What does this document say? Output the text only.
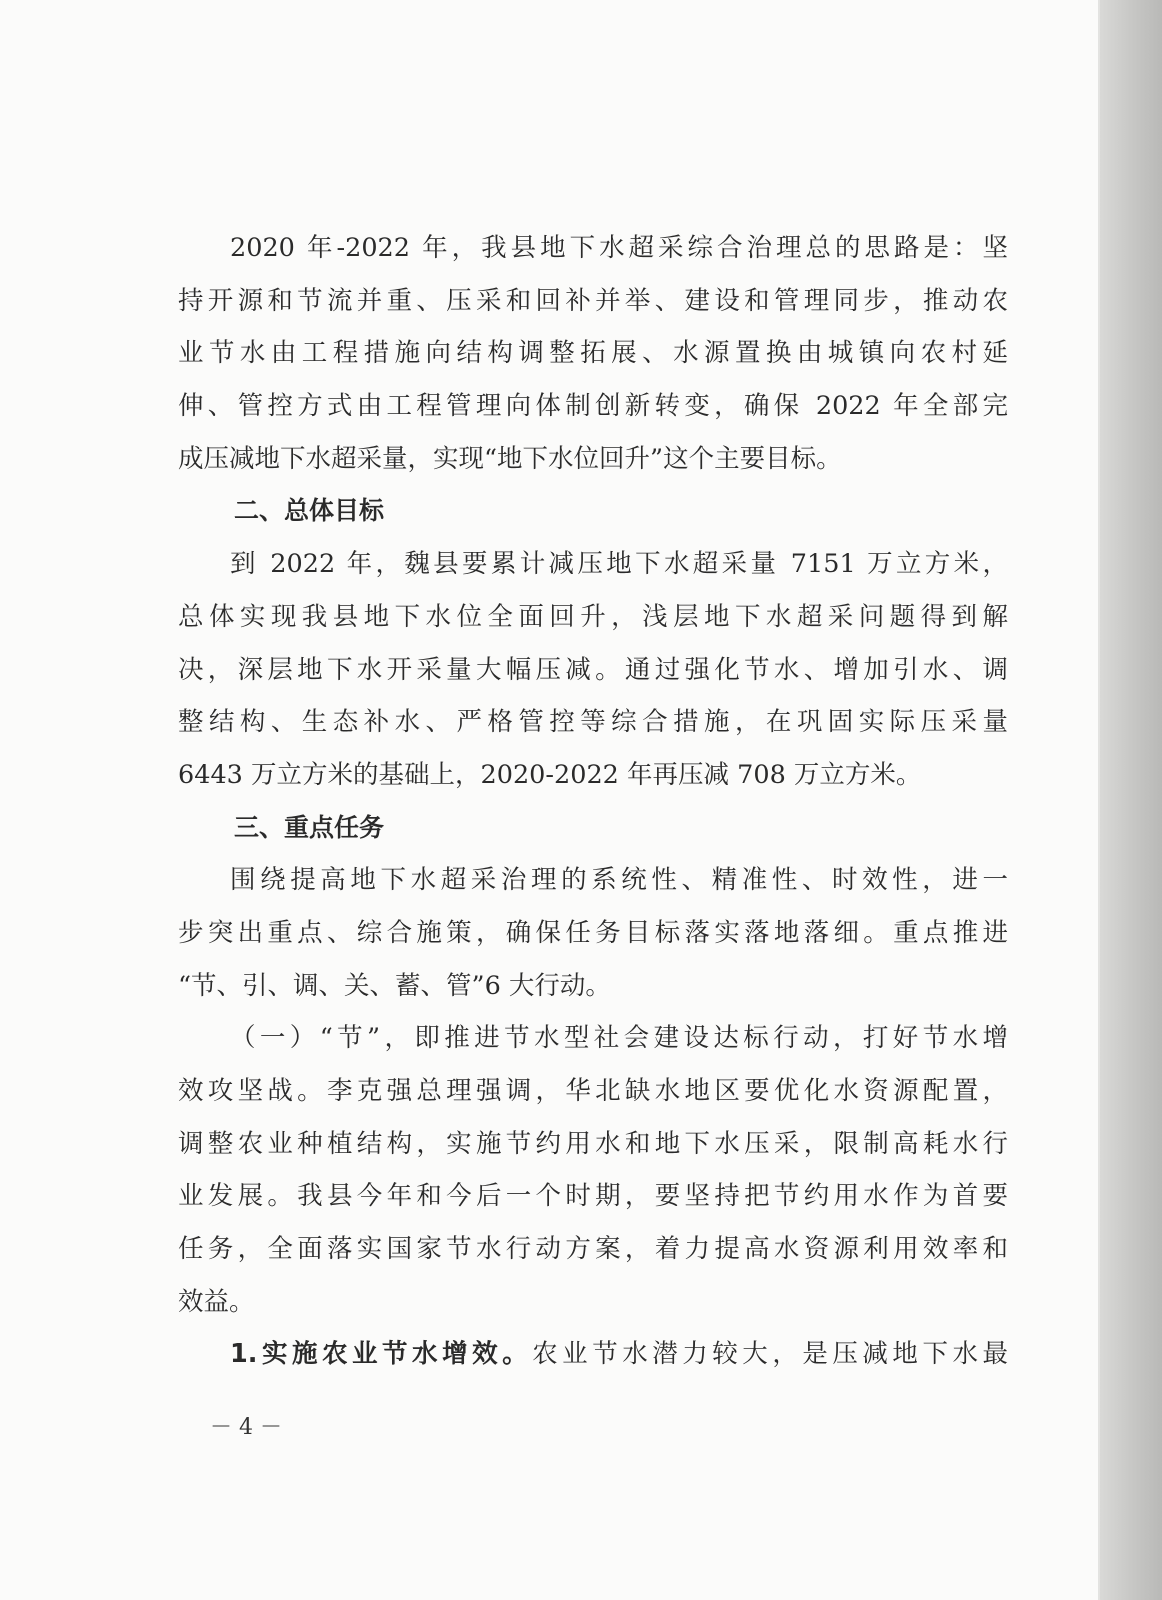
2020 年-2022 年，我县地下水超采综合治理总的思路是：坚
持开源和节流并重、压采和回补并举、建设和管理同步，推动农
业节水由工程措施向结构调整拓展、水源置换由城镇向农村延
伸、管控方式由工程管理向体制创新转变，确保 2022 年全部完
成压减地下水超采量，实现“地下水位回升”这个主要目标。
二、总体目标
到 2022 年，魏县要累计减压地下水超采量 7151 万立方米，
总体实现我县地下水位全面回升，浅层地下水超采问题得到解
决，深层地下水开采量大幅压减。通过强化节水、增加引水、调
整结构、生态补水、严格管控等综合措施，在巩固实际压采量
6443 万立方米的基础上，2020-2022 年再压减 708 万立方米。
三、重点任务
围绕提高地下水超采治理的系统性、精准性、时效性，进一
步突出重点、综合施策，确保任务目标落实落地落细。重点推进
“节、引、调、关、蓄、管”6 大行动。
（一）“节”，即推进节水型社会建设达标行动，打好节水增
效攻坚战。李克强总理强调，华北缺水地区要优化水资源配置，
调整农业种植结构，实施节约用水和地下水压采，限制高耗水行
业发展。我县今年和今后一个时期，要坚持把节约用水作为首要
任务，全面落实国家节水行动方案，着力提高水资源利用效率和
效益。
1.实施农业节水增效。农业节水潜力较大，是压减地下水最
－ 4 －
